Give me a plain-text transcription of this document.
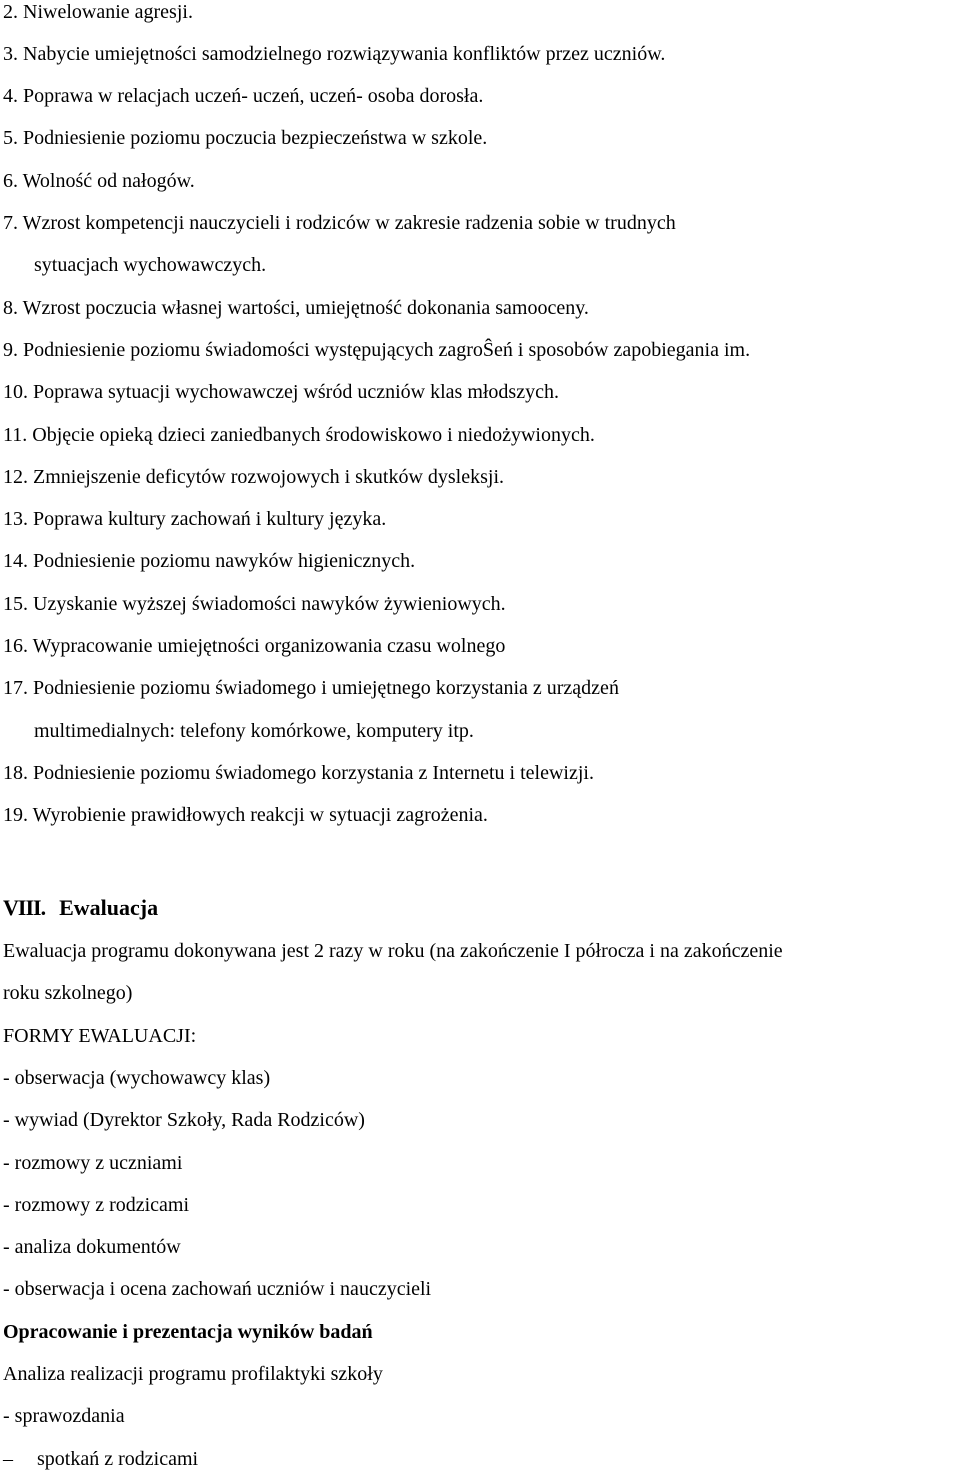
2. Niwelowanie agresji.
3. Nabycie umiejętności samodzielnego rozwiązywania konfliktów przez uczniów.
4. Poprawa w relacjach uczeń- uczeń, uczeń- osoba dorosła.
5. Podniesienie poziomu poczucia bezpieczeństwa w szkole.
6. Wolność od nałogów.
7. Wzrost kompetencji nauczycieli i rodziców w zakresie radzenia sobie w trudnych
sytuacjach wychowawczych.
8. Wzrost poczucia własnej wartości, umiejętność dokonania samooceny.
9. Podniesienie poziomu świadomości występujących zagroŜeń i sposobów zapobiegania im.
10. Poprawa sytuacji wychowawczej wśród uczniów klas młodszych.
11. Objęcie opieką dzieci zaniedbanych środowiskowo i niedożywionych.
12. Zmniejszenie deficytów rozwojowych i skutków dysleksji.
13. Poprawa kultury zachowań i kultury języka.
14. Podniesienie poziomu nawyków higienicznych.
15. Uzyskanie wyższej świadomości nawyków żywieniowych.
16. Wypracowanie umiejętności organizowania czasu wolnego
17. Podniesienie poziomu świadomego i umiejętnego korzystania z urządzeń
multimedialnych: telefony komórkowe, komputery itp.
18. Podniesienie poziomu świadomego korzystania z Internetu i telewizji.
19. Wyrobienie prawidłowych reakcji w sytuacji zagrożenia.
VIII. Ewaluacja
Ewaluacja programu dokonywana jest 2 razy w roku (na zakończenie I półrocza i na zakończenie
roku szkolnego)
FORMY EWALUACJI:
- obserwacja (wychowawcy klas)
- wywiad (Dyrektor Szkoły, Rada Rodziców)
- rozmowy z uczniami
- rozmowy z rodzicami
- analiza dokumentów
- obserwacja i ocena zachowań uczniów i nauczycieli
Opracowanie i prezentacja wyników badań
Analiza realizacji programu profilaktyki szkoły
- sprawozdania
– spotkań z rodzicami
